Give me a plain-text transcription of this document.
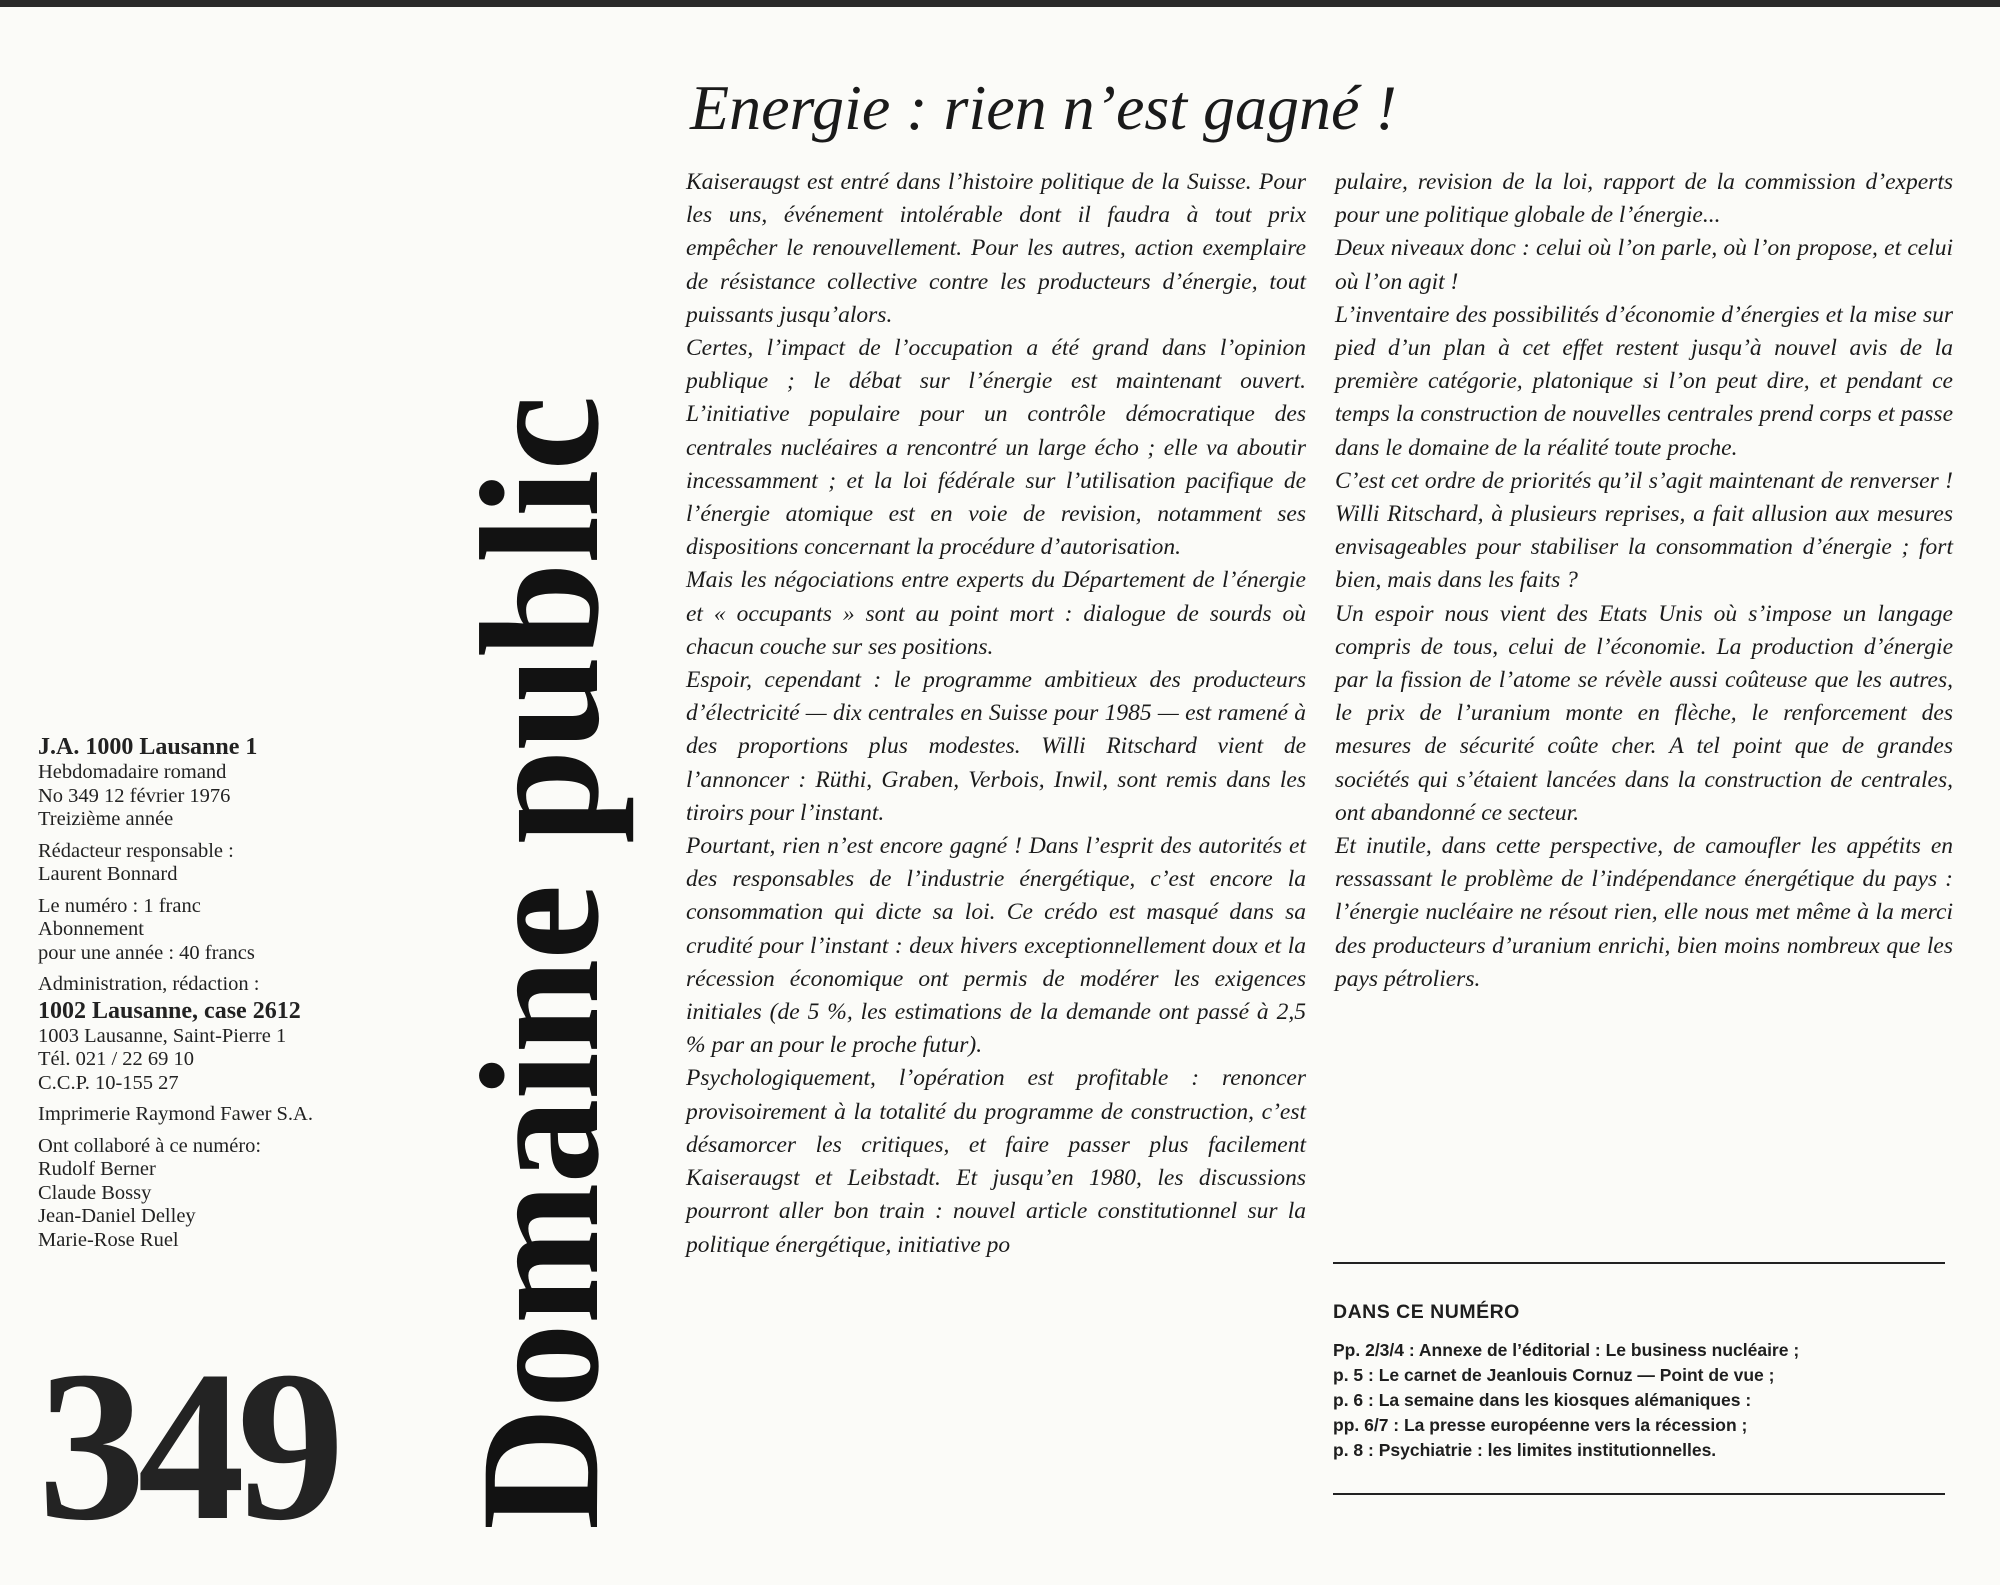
J.A. 1000 Lausanne 1
Hebdomadaire romand
No 349 12 février 1976
Treizième année
Rédacteur responsable :
Laurent Bonnard
Le numéro : 1 franc
Abonnement
pour une année : 40 francs
Administration, rédaction :
1002 Lausanne, case 2612
1003 Lausanne, Saint-Pierre 1
Tél. 021 / 22 69 10
C.C.P. 10-155 27
Imprimerie Raymond Fawer S.A.
Ont collaboré à ce numéro:
Rudolf Berner
Claude Bossy
Jean-Daniel Delley
Marie-Rose Ruel
349 Domaine public
Energie : rien n’est gagné !

Kaiseraugst est entré dans l’histoire politique de la Suisse. Pour les uns, événement intolérable dont il faudra à tout prix empêcher le renouvellement. Pour les autres, action exemplaire de résistance collective contre les producteurs d’énergie, tout puissants jusqu’alors.

Certes, l’impact de l’occupation a été grand dans l’opinion publique ; le débat sur l’énergie est maintenant ouvert. L’initiative populaire pour un contrôle démocratique des centrales nucléaires a rencontré un large écho ; elle va aboutir incessamment ; et la loi fédérale sur l’utilisation pacifique de l’énergie atomique est en voie de revision, notamment ses dispositions concernant la procédure d’autorisation.

Mais les négociations entre experts du Département de l’énergie et « occupants » sont au point mort : dialogue de sourds où chacun couche sur ses positions.

Espoir, cependant : le programme ambitieux des producteurs d’électricité — dix centrales en Suisse pour 1985 — est ramené à des proportions plus modestes. Willi Ritschard vient de l’annoncer : Rüthi, Graben, Verbois, Inwil, sont remis dans les tiroirs pour l’instant.

Pourtant, rien n’est encore gagné ! Dans l’esprit des autorités et des responsables de l’industrie énergétique, c’est encore la consommation qui dicte sa loi. Ce crédo est masqué dans sa crudité pour l’instant : deux hivers exceptionnellement doux et la récession économique ont permis de modérer les exigences initiales (de 5 %, les estimations de la demande ont passé à 2,5 % par an pour le proche futur).

Psychologiquement, l’opération est profitable : renoncer provisoirement à la totalité du programme de construction, c’est désamorcer les critiques, et faire passer plus facilement Kaiseraugst et Leibstadt. Et jusqu’en 1980, les discussions pourront aller bon train : nouvel article constitutionnel sur la politique énergétique, initiative po

pulaire, revision de la loi, rapport de la commission d’experts pour une politique globale de l’énergie...

Deux niveaux donc : celui où l’on parle, où l’on propose, et celui où l’on agit !

L’inventaire des possibilités d’économie d’énergies et la mise sur pied d’un plan à cet effet restent jusqu’à nouvel avis de la première catégorie, platonique si l’on peut dire, et pendant ce temps la construction de nouvelles centrales prend corps et passe dans le domaine de la réalité toute proche.

C’est cet ordre de priorités qu’il s’agit maintenant de renverser ! Willi Ritschard, à plusieurs reprises, a fait allusion aux mesures envisageables pour stabiliser la consommation d’énergie ; fort bien, mais dans les faits ?

Un espoir nous vient des Etats Unis où s’impose un langage compris de tous, celui de l’économie. La production d’énergie par la fission de l’atome se révèle aussi coûteuse que les autres, le prix de l’uranium monte en flèche, le renforcement des mesures de sécurité coûte cher. A tel point que de grandes sociétés qui s’étaient lancées dans la construction de centrales, ont abandonné ce secteur.

Et inutile, dans cette perspective, de camoufler les appétits en ressassant le problème de l’indépendance énergétique du pays : l’énergie nucléaire ne résout rien, elle nous met même à la merci des producteurs d’uranium enrichi, bien moins nombreux que les pays pétroliers.

DANS CE NUMÉRO
Pp. 2/3/4 : Annexe de l’éditorial : Le business nucléaire ;
p. 5 : Le carnet de Jeanlouis Cornuz — Point de vue ;
p. 6 : La semaine dans les kiosques alémaniques :
pp. 6/7 : La presse européenne vers la récession ;
p. 8 : Psychiatrie : les limites institutionnelles.
